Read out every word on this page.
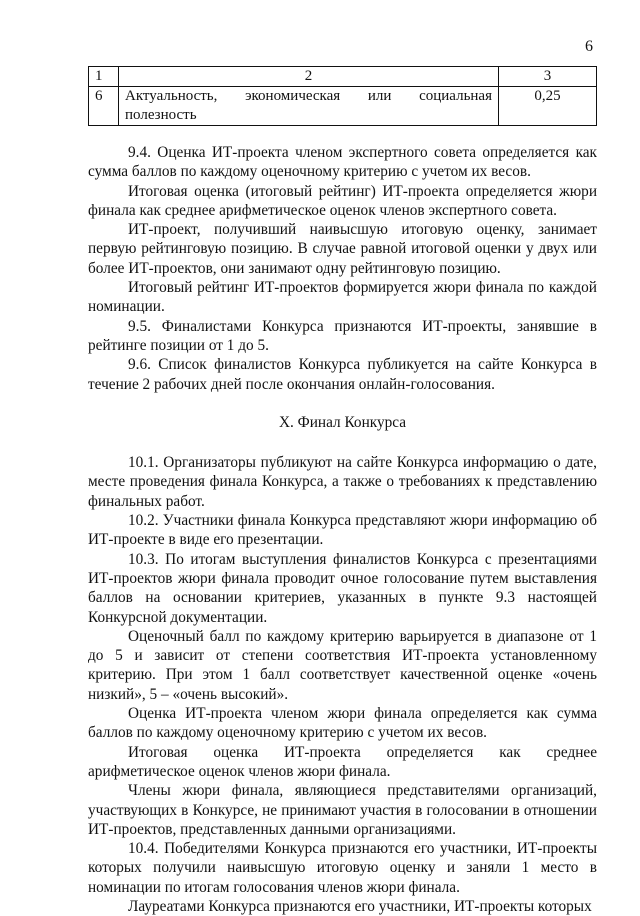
6
1	2	3
6	Актуальность, экономическая или социальная полезность	0,25

9.4. Оценка ИТ-проекта членом экспертного совета определяется как сумма баллов по каждому оценочному критерию с учетом их весов.

Итоговая оценка (итоговый рейтинг) ИТ-проекта определяется жюри финала как среднее арифметическое оценок членов экспертного совета.

ИТ-проект, получивший наивысшую итоговую оценку, занимает первую рейтинговую позицию. В случае равной итоговой оценки у двух или более ИТ-проектов, они занимают одну рейтинговую позицию.

Итоговый рейтинг ИТ-проектов формируется жюри финала по каждой номинации.

9.5. Финалистами Конкурса признаются ИТ-проекты, занявшие в рейтинге позиции от 1 до 5.

9.6. Список финалистов Конкурса публикуется на сайте Конкурса в течение 2 рабочих дней после окончания онлайн-голосования.

X. Финал Конкурса

10.1. Организаторы публикуют на сайте Конкурса информацию о дате, месте проведения финала Конкурса, а также о требованиях к представлению финальных работ.

10.2. Участники финала Конкурса представляют жюри информацию об ИТ-проекте в виде его презентации.

10.3. По итогам выступления финалистов Конкурса с презентациями ИТ-проектов жюри финала проводит очное голосование путем выставления баллов на основании критериев, указанных в пункте 9.3 настоящей Конкурсной документации.

Оценочный балл по каждому критерию варьируется в диапазоне от 1 до 5 и зависит от степени соответствия ИТ-проекта установленному критерию. При этом 1 балл соответствует качественной оценке «очень низкий», 5 – «очень высокий».

Оценка ИТ-проекта членом жюри финала определяется как сумма баллов по каждому оценочному критерию с учетом их весов.

Итоговая оценка ИТ-проекта определяется как среднее арифметическое оценок членов жюри финала.

Члены жюри финала, являющиеся представителями организаций, участвующих в Конкурсе, не принимают участия в голосовании в отношении ИТ-проектов, представленных данными организациями.

10.4. Победителями Конкурса признаются его участники, ИТ-проекты которых получили наивысшую итоговую оценку и заняли 1 место в номинации по итогам голосования членов жюри финала.

Лауреатами Конкурса признаются его участники, ИТ-проекты которых
